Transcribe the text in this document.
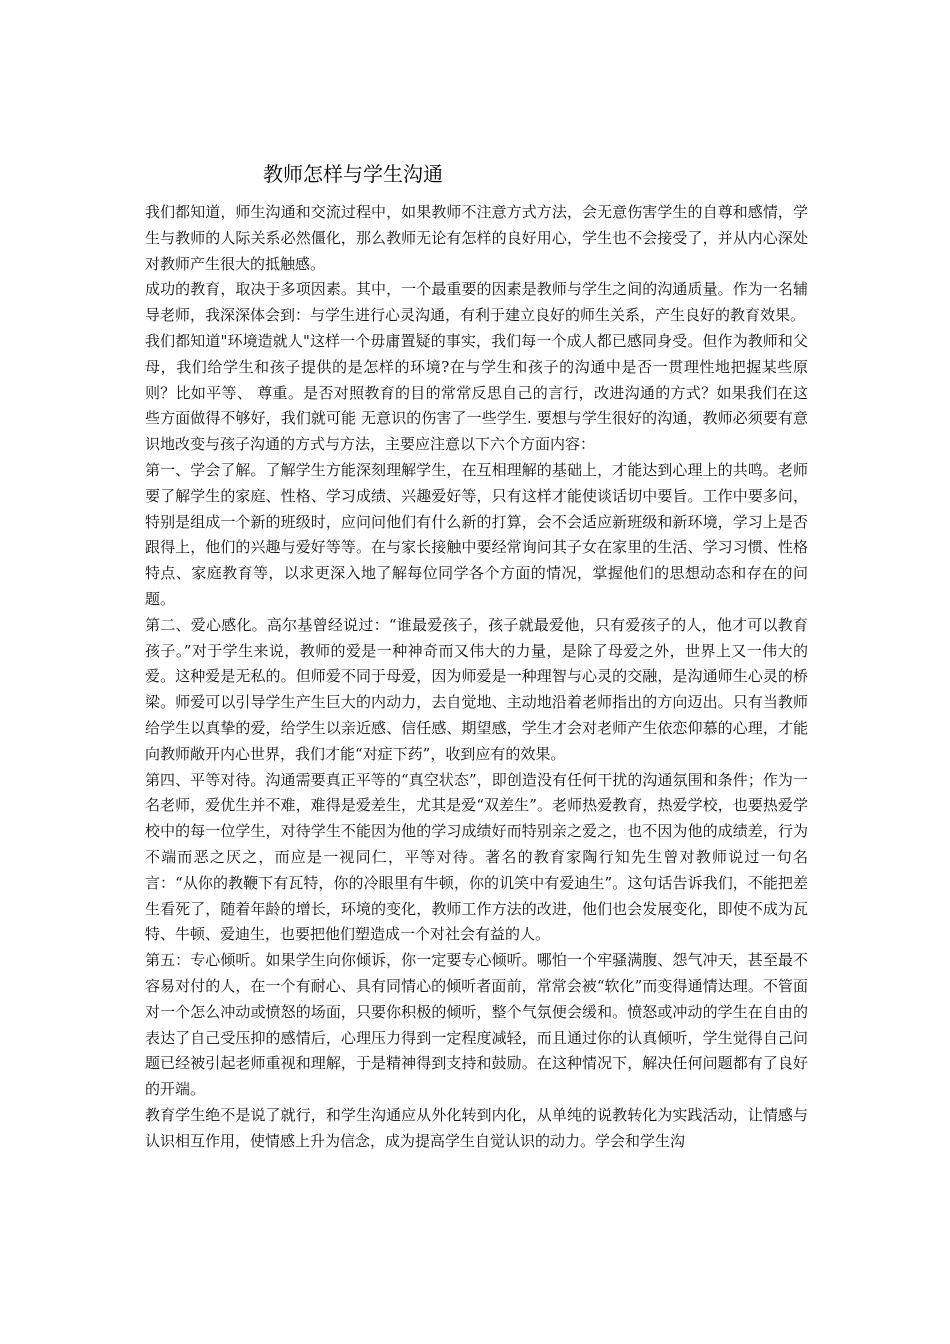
教师怎样与学生沟通

我们都知道，师生沟通和交流过程中，如果教师不注意方式方法，会无意伤害学生的自尊和感情，学生与教师的人际关系必然僵化，那么教师无论有怎样的良好用心，学生也不会接受了，并从内心深处对教师产生很大的抵触感。

成功的教育，取决于多项因素。其中，一个最重要的因素是教师与学生之间的沟通质量。作为一名辅导老师，我深深体会到：与学生进行心灵沟通，有利于建立良好的师生关系，产生良好的教育效果。

我们都知道"环境造就人"这样一个毋庸置疑的事实，我们每一个成人都已感同身受。但作为教师和父母，我们给学生和孩子提供的是怎样的环境?在与学生和孩子的沟通中是否一贯理性地把握某些原则？比如平等、 尊重。是否对照教育的目的常常反思自己的言行，改进沟通的方式？如果我们在这些方面做得不够好，我们就可能 无意识的伤害了一些学生. 要想与学生很好的沟通，教师必须要有意识地改变与孩子沟通的方式与方法，主要应注意以下六个方面内容：

第一、学会了解。了解学生方能深刻理解学生，在互相理解的基础上，才能达到心理上的共鸣。老师要了解学生的家庭、性格、学习成绩、兴趣爱好等，只有这样才能使谈话切中要旨。工作中要多问，特别是组成一个新的班级时，应问问他们有什么新的打算，会不会适应新班级和新环境，学习上是否跟得上，他们的兴趣与爱好等等。在与家长接触中要经常询问其子女在家里的生活、学习习惯、性格特点、家庭教育等，以求更深入地了解每位同学各个方面的情况，掌握他们的思想动态和存在的问题。

第二、爱心感化。高尔基曾经说过：“谁最爱孩子，孩子就最爱他，只有爱孩子的人，他才可以教育孩子。”对于学生来说，教师的爱是一种神奇而又伟大的力量，是除了母爱之外，世界上又一伟大的爱。这种爱是无私的。但师爱不同于母爱，因为师爱是一种理智与心灵的交融，是沟通师生心灵的桥梁。师爱可以引导学生产生巨大的内动力，去自觉地、主动地沿着老师指出的方向迈出。只有当教师给学生以真挚的爱，给学生以亲近感、信任感、期望感，学生才会对老师产生依恋仰慕的心理，才能向教师敞开内心世界，我们才能“对症下药”，收到应有的效果。

第四、平等对待。沟通需要真正平等的“真空状态”，即创造没有任何干扰的沟通氛围和条件；作为一名老师，爱优生并不难，难得是爱差生，尤其是爱“双差生”。老师热爱教育，热爱学校，也要热爱学校中的每一位学生，对待学生不能因为他的学习成绩好而特别亲之爱之，也不因为他的成绩差，行为不端而恶之厌之，而应是一视同仁，平等对待。著名的教育家陶行知先生曾对教师说过一句名言：“从你的教鞭下有瓦特，你的冷眼里有牛顿，你的讥笑中有爱迪生”。这句话告诉我们，不能把差生看死了，随着年龄的增长，环境的变化，教师工作方法的改进，他们也会发展变化，即使不成为瓦特、牛顿、爱迪生，也要把他们塑造成一个对社会有益的人。

第五：专心倾听。如果学生向你倾诉，你一定要专心倾听。哪怕一个牢骚满腹、怨气冲天，甚至最不容易对付的人，在一个有耐心、具有同情心的倾听者面前，常常会被“软化”而变得通情达理。不管面对一个怎么冲动或愤怒的场面，只要你积极的倾听，整个气氛便会缓和。愤怒或冲动的学生在自由的表达了自己受压抑的感情后，心理压力得到一定程度减轻，而且通过你的认真倾听，学生觉得自己问题已经被引起老师重视和理解，于是精神得到支持和鼓励。在这种情况下，解决任何问题都有了良好的开端。

教育学生绝不是说了就行，和学生沟通应从外化转到内化，从单纯的说教转化为实践活动，让情感与认识相互作用，使情感上升为信念，成为提高学生自觉认识的动力。学会和学生沟
